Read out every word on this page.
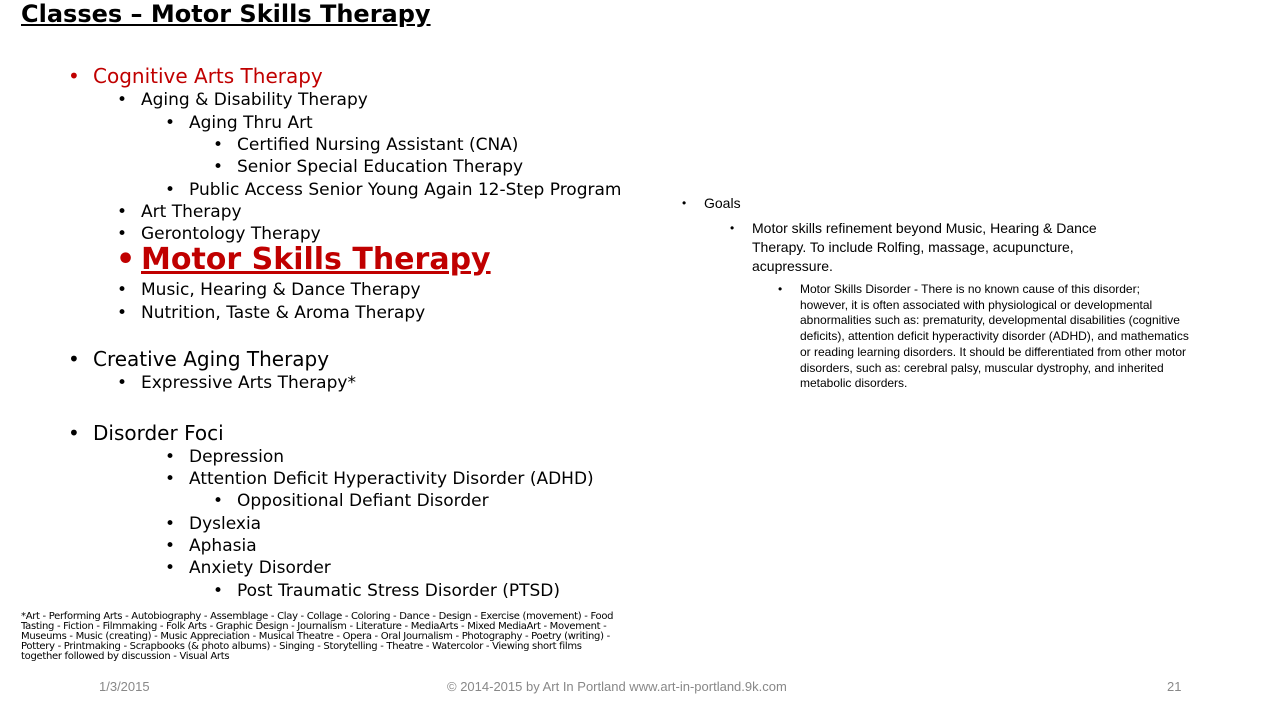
Classes – Motor Skills Therapy
• Cognitive Arts Therapy
• Aging & Disability Therapy
• Aging Thru Art
• Certified Nursing Assistant (CNA)
• Senior Special Education Therapy
• Public Access Senior Young Again 12-Step Program
• Art Therapy
• Gerontology Therapy
• Motor Skills Therapy
• Music, Hearing & Dance Therapy
• Nutrition, Taste & Aroma Therapy
• Creative Aging Therapy
• Expressive Arts Therapy*
• Disorder Foci
• Depression
• Attention Deficit Hyperactivity Disorder (ADHD)
• Oppositional Defiant Disorder
• Dyslexia
• Aphasia
• Anxiety Disorder
• Post Traumatic Stress Disorder (PTSD)
• Goals
• Motor skills refinement beyond Music, Hearing & Dance Therapy. To include Rolfing, massage, acupuncture, acupressure.
• Motor Skills Disorder - There is no known cause of this disorder; however, it is often associated with physiological or developmental abnormalities such as: prematurity, developmental disabilities (cognitive deficits), attention deficit hyperactivity disorder (ADHD), and mathematics or reading learning disorders. It should be differentiated from other motor disorders, such as: cerebral palsy, muscular dystrophy, and inherited metabolic disorders.
*Art - Performing Arts - Autobiography - Assemblage - Clay - Collage - Coloring - Dance - Design - Exercise (movement) - Food Tasting - Fiction - Filmmaking - Folk Arts - Graphic Design - Journalism - Literature - MediaArts - Mixed MediaArt - Movement - Museums - Music (creating) - Music Appreciation - Musical Theatre - Opera - Oral Journalism - Photography - Poetry (writing) - Pottery - Printmaking - Scrapbooks (& photo albums) - Singing - Storytelling - Theatre - Watercolor - Viewing short films together followed by discussion - Visual Arts
1/3/2015	© 2014-2015 by Art In Portland www.art-in-portland.9k.com	21
